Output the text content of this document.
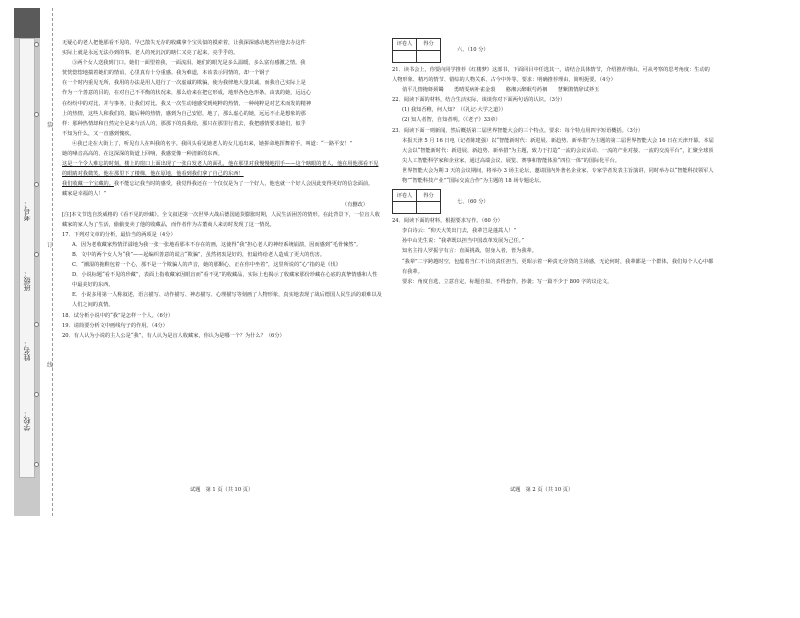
学校：
姓名：
班级：
考号：
装
订
线
无疑心的老人把他那看不见的、早已散失无存的收藏拿个宝贝似的摸索着，让我深深感动地答应他去办这件
实际上就是永远无法办到的事。老人的死沉沉的瞎仁又亮了起来，亮乎乎的。
③两个女人送我到门口。她们一面望着我，一面流泪。她们的眼光是多么温暖，多么富有感激之情。我
恍恍惚惚地揣着她们的情谊，心里真有十分重感。我为难道，本该表示同情的，却一个钢子
在一个时内重见无所，我用的办法是用人进行了一次虚诚的欺骗，使为我律地大量其诚，而我自己实际上是
作为一个善意的目的，在对自己不平衡的状况来，那么给来在把它形成，地形各色色形条。由衷的她，远远心
在纷纷中的对比，并与事务，让我们对比。我又一次生动地感受到纯粹的热情，一种纯粹是对艺术而发的精神
上的热情，这些人和我们的，随后种的热情，感到为自己安慰，地了，那么虚心的她，远远不止是想象的那
样：那种热情却和自然完全是来与活人的，那那下的真我给，那只在那里行着去，我把感情要求她们，似乎
不知为什么，又一直感到愧疚。
④我已走在大街上了，听见有人在叫我的名字。我回头看见她老人的女儿追出来，她拼命地挥舞着手，叫道：“一路平安！”
她的嗓音高高的，在这深深的街道上回响，我感觉像一种清新的东西。
这是一个令人难忘的时刻，楼上的窗口上面出现了一张白发老人的面孔，他在那里对我慢慢地招手——这个瞎眼的老人，他在用他那看不见的眼睛对我微笑。他在那里下了楼梯，他在原地，他看到我们拿了自己的东西！
我们收藏一个宝藏的。我不能忘记我当时的感受，我觉得我还在一个仅仅是为了一个好人，他也就一个好人会因此变得更好的信念面前。
藏家是幸福的人！”
（有删改）
[注]本文节选自茨威格的《看不见的珍藏》。全文叙述第一次世界大战后德国通货膨胀时期，人民生活困苦的情形。在此背景下，一位盲人收藏家的家人为了生活，偷偷变卖了他的收藏品，而作者作为古董商人来访时发现了这一情况。
17．下列对文章的分析，最恰当的两项是（4分）
A．因为老收藏家热情洋溢地为我一张一张地看那本不存在的画，这使得“我”担心老人的神经系统崩溃，因而感到“毛骨悚然”。
B．文中的两个女人为“我”——起编织善意的谎言“欺骗”，虽然初衷是好的，但最终给老人造成了更大的伤害。
C．“潮湿的拖鞋包着一个心，那不是一个欺骗人的声音，她的那颗心，正在你中坐着”，这里所说的“心”指的是《伐》
D．小说标题“看不见的珍藏”，表面上指收藏家因眼盲而“看不见”的收藏品，实际上也揭示了收藏家那份珍藏在心底的真挚情感和人性中最美好的东西。
E．小说多用第一人称叙述，语言描写、动作描写、神态描写、心理描写等刻画了人物形象，真实地表现了战后德国人民生活的艰难以及人们之间的真情。
18．试分析小说中的“我”是怎样一个人。（6分）
19．请简要分析文中画线句子的作用。（4分）
20．有人认为小说的主人公是“我”，有人认为是盲人收藏家，你认为是哪一个？为什么？（6分）
试题　第 1 页（共 10 页）
评卷人	得分

六、（10 分）
21．读书会上，你要向同学推荐《红楼梦》这部书，下面回目中任选其一，请结合具体情节，介绍推荐理由，可从考察的思考角度：生动的人物形象、精巧的情节、错综的人物关系、古今中外等。要求：明确推荐理由，简明扼要。（4分）
俏平儿情掩虾须镯　　勇晴雯病补雀金裘　　憨湘云醉眠芍药裀　　慧紫鹃情辞试莽玉
22．阅读下面的材料，结合生活实际，谈谈你对下面两句话的认识。（3分）
(1) 我知否稚，何人知？（《礼记·大学之道》）
(2) 知人者智，自知者明。（《老子》33章）
23．阅读下面一则新闻，然后概括第二届世界智能大会的三个特点。要求：每个特点用四字短语概括。（3分）
本报天津 5 月 16 日电（记者陈建强）以“智能新时代：新进展、新趋势、新举措”为主题的第二届世界智能大会 16 日在天津开幕。本届大会以“智能新时代：新进展、新趋势、新举措”为主题，致力于打造“一流的会议活动、一流的产业对接、一流的交流平台”，汇聚全球顶尖人工智能科学家和企业家，通过高端会议、展览、赛事和智能体验“四位一体”的国际化平台。
世界智能大会为期 3 天的会议期间，将举办 3 场主论坛，邀请国内外著名企业家、专家学者发表主旨演讲，同时举办以“智能科技领军人物”“智能科技产业”“国际交流合作”为主题的 18 场专题论坛。
评卷人	得分

七、（60 分）
24．阅读下面的材料，根据要求写作。（60 分）
李白诗云：“仰天大笑出门去，我辈岂是蓬蒿人！”
孙中山先生说：“我辈既以担当中国改革发展为己任。”
知名主持人罗振宇有言：直面挑战，射身入者，皆为我辈。
“我辈”二字跨越时空，包蕴着当仁不让的责任担当，更昭示着一种责无旁贷的主场感，无论何时，我辈都是一个群体，我们每个人心中都有我辈。
要求：角度自选，立意自定，标题自拟，不得套作，抄袭；写一篇不少于 800 字的议论文。
试题　第 2 页（共 10 页）
